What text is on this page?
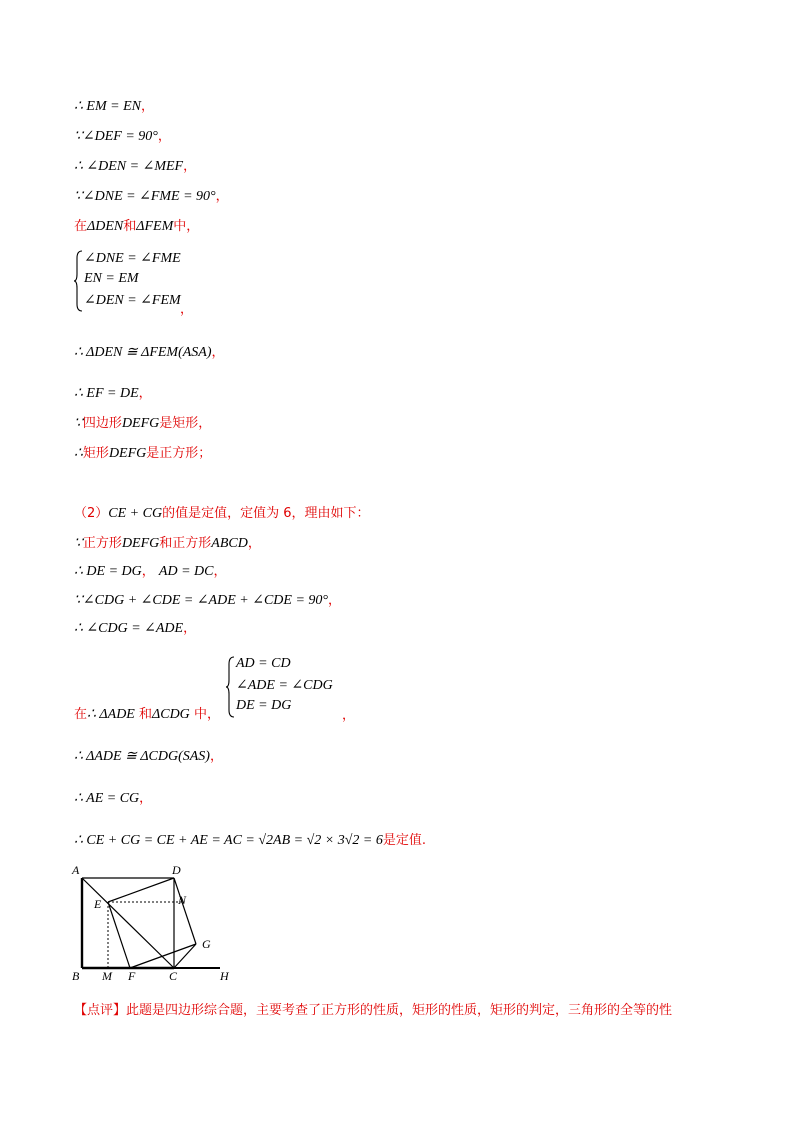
∴ EM = EN，
∵∠DEF = 90°，
∴ ∠DEN = ∠MEF，
∵∠DNE = ∠FME = 90°，
在ΔDEN和ΔFEM中，
∠DNE = ∠FME
EN = EM
∠DEN = ∠FEM
，
∴ ΔDEN ≅ ΔFEM(ASA)，
∴ EF = DE，
∵四边形DEFG是矩形，
∴矩形DEFG是正方形；
（2）CE + CG的值是定值，定值为 6，理由如下：
∵正方形DEFG和正方形ABCD，
∴ DE = DG， AD = DC，
∵∠CDG + ∠CDE = ∠ADE + ∠CDE = 90°，
∴ ∠CDG = ∠ADE，
AD = CD
∠ADE = ∠CDG
DE = DG
在∴ ΔADE 和ΔCDG 中，	，
∴ ΔADE ≅ ΔCDG(SAS)，
∴ AE = CG，
∴ CE + CG = CE + AE = AC = √2AB = √2 × 3√2 = 6是定值.
A	D
E	N
G
B M F	C	H
【点评】此题是四边形综合题，主要考查了正方形的性质，矩形的性质，矩形的判定，三角形的全等的性
